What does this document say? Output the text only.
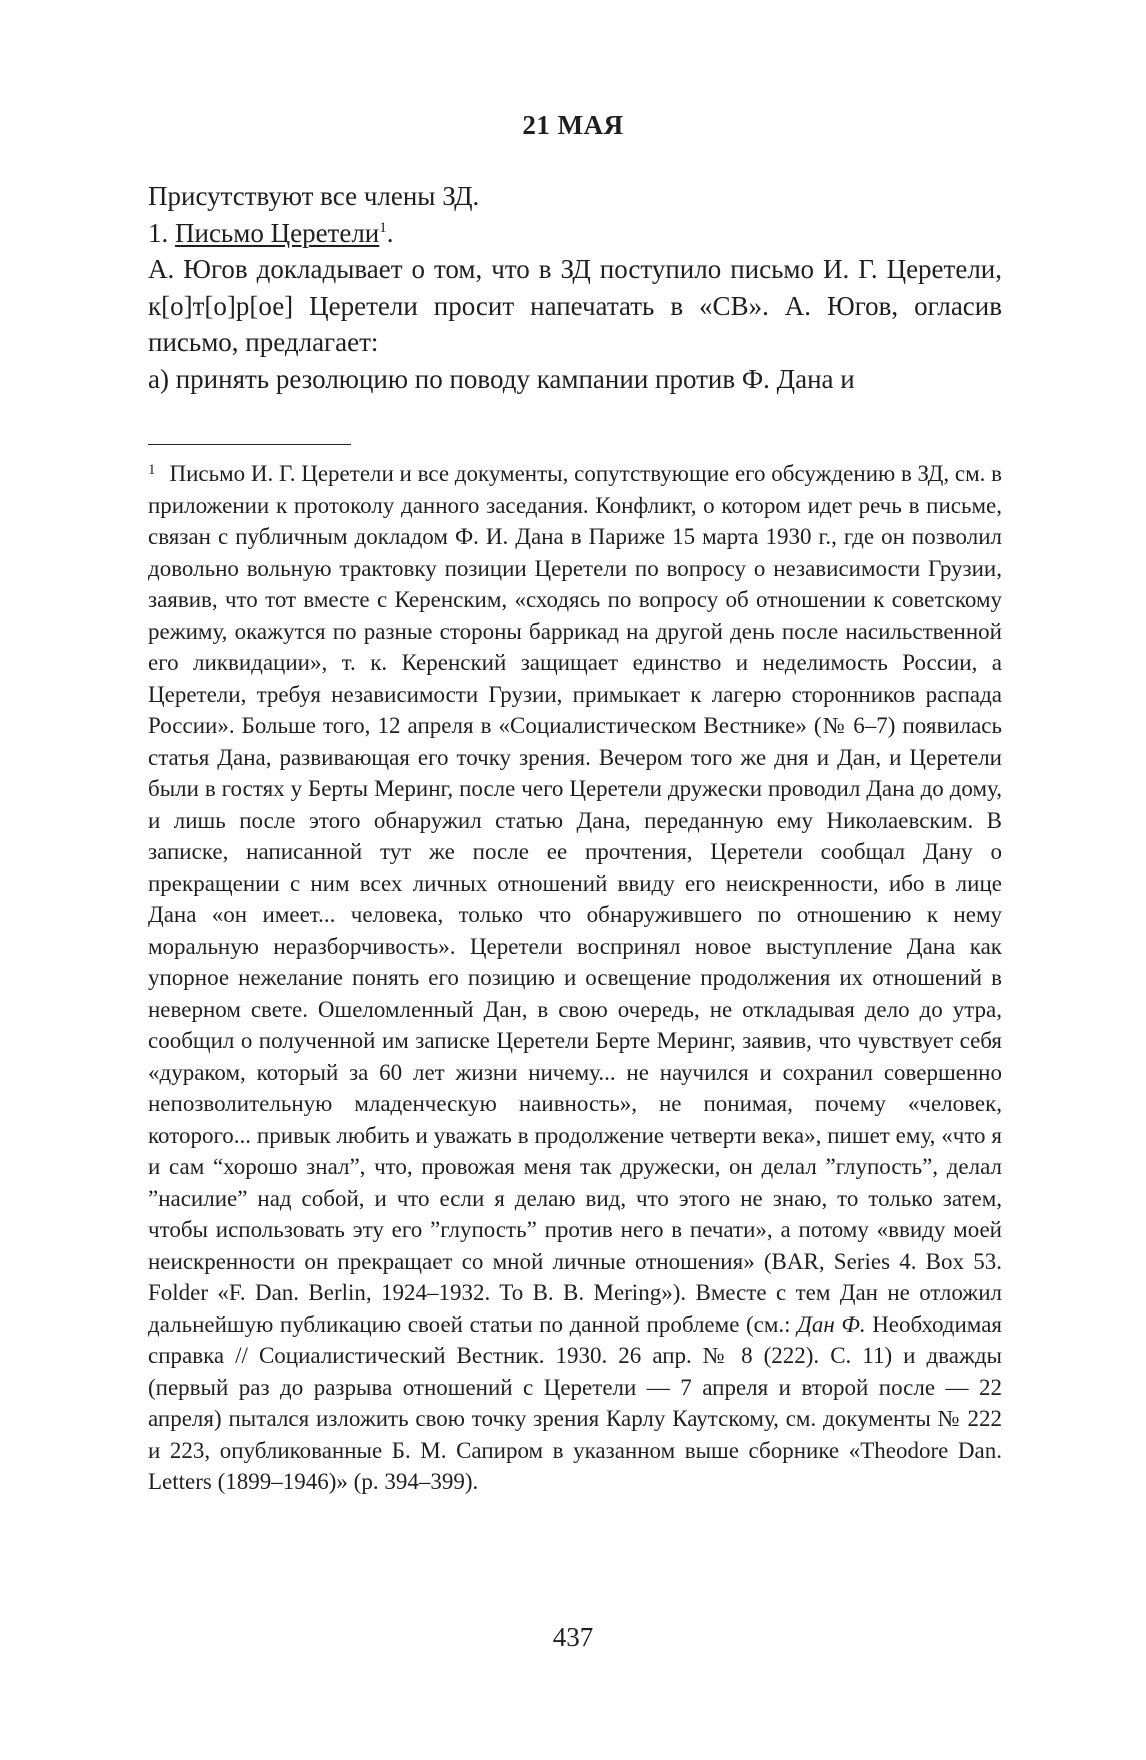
21 МАЯ

Присутствуют все члены ЗД.

1. Письмо Церетели$^1$.

А. Югов докладывает о том, что в ЗД поступило письмо И. Г. Церетели, к[о]т[о]р[ое] Церетели просит напечатать в «СВ». А. Югов, огласив письмо, предлагает:

а) принять резолюцию по поводу кампании против Ф. Дана и

1 Письмо И. Г. Церетели и все документы, сопутствующие его обсуждению в ЗД, см. в приложении к протоколу данного заседания. Конфликт, о котором идет речь в письме, связан с публичным докладом Ф. И. Дана в Париже 15 марта 1930 г., где он позволил довольно вольную трактовку позиции Церетели по вопросу о независимости Грузии, заявив, что тот вместе с Керенским, «сходясь по вопросу об отношении к советскому режиму, окажутся по разные стороны баррикад на другой день после насильственной его ликвидации», т. к. Керенский защищает единство и неделимость России, а Церетели, требуя независимости Грузии, примыкает к лагерю сторонников распада России». Больше того, 12 апреля в «Социалистическом Вестнике» (№ 6–7) появилась статья Дана, развивающая его точку зрения. Вечером того же дня и Дан, и Церетели были в гостях у Берты Меринг, после чего Церетели дружески проводил Дана до дому, и лишь после этого обнаружил статью Дана, переданную ему Николаевским. В записке, написанной тут же после ее прочтения, Церетели сообщал Дану о прекращении с ним всех личных отношений ввиду его неискренности, ибо в лице Дана «он имеет... человека, только что обнаружившего по отношению к нему моральную неразборчивость». Церетели воспринял новое выступление Дана как упорное нежелание понять его позицию и освещение продолжения их отношений в неверном свете. Ошеломленный Дан, в свою очередь, не откладывая дело до утра, сообщил о полученной им записке Церетели Берте Меринг, заявив, что чувствует себя «дураком, который за 60 лет жизни ничему... не научился и сохранил совершенно непозволительную младенческую наивность», не понимая, почему «человек, которого... привык любить и уважать в продолжение четверти века», пишет ему, «что я и сам “хорошо знал”, что, провожая меня так дружески, он делал ”глупость”, делал ”насилие” над собой, и что если я делаю вид, что этого не знаю, то только затем, чтобы использовать эту его ”глупость” против него в печати», а потому «ввиду моей неискренности он прекращает со мной личные отношения» (BAR, Series 4. Box 53. Folder «F. Dan. Berlin, 1924–1932. To B. B. Mering»). Вместе с тем Дан не отложил дальнейшую публикацию своей статьи по данной проблеме (см.: Дан Ф. Необходимая справка // Социалистический Вестник. 1930. 26 апр. № 8 (222). С. 11) и дважды (первый раз до разрыва отношений с Церетели — 7 апреля и второй после — 22 апреля) пытался изложить свою точку зрения Карлу Каутскому, см. документы № 222 и 223, опубликованные Б. М. Сапиром в указанном выше сборнике «Theodore Dan. Letters (1899–1946)» (p. 394–399).
437
